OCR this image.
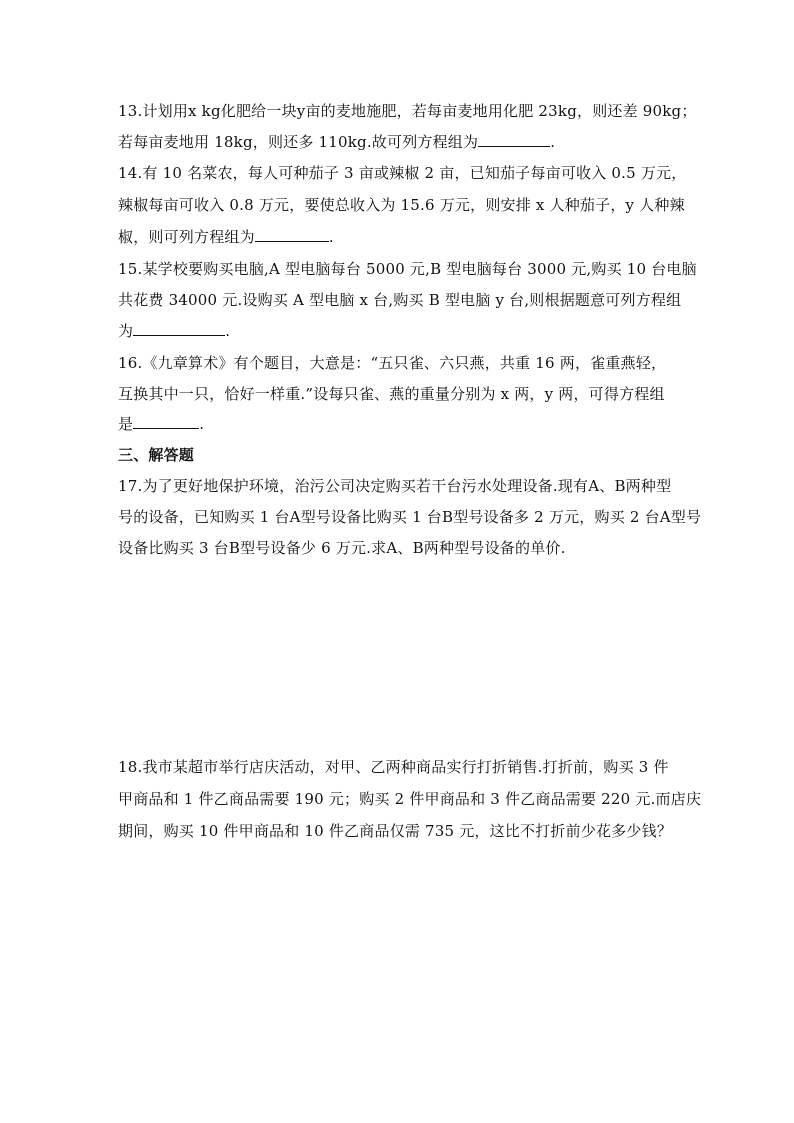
13.计划用x kg化肥给一块y亩的麦地施肥，若每亩麦地用化肥 23kg，则还差 90kg；
若每亩麦地用 18kg，则还多 110kg.故可列方程组为	.
14.有 10 名菜农，每人可种茄子 3 亩或辣椒 2 亩，已知茄子每亩可收入 0.5 万元，
辣椒每亩可收入 0.8 万元，要使总收入为 15.6 万元，则安排 x 人种茄子，y 人种辣
椒，则可列方程组为	.
15.某学校要购买电脑,A 型电脑每台 5000 元,B 型电脑每台 3000 元,购买 10 台电脑
共花费 34000 元.设购买 A 型电脑 x 台,购买 B 型电脑 y 台,则根据题意可列方程组
为	.
16.《九章算术》有个题目，大意是：“五只雀、六只燕，共重 16 两，雀重燕轻，
互换其中一只，恰好一样重.”设每只雀、燕的重量分别为 x 两，y 两，可得方程组
是	.
三、解答题
17.为了更好地保护环境，治污公司决定购买若干台污水处理设备.现有A、B两种型
号的设备，已知购买 1 台A型号设备比购买 1 台B型号设备多 2 万元，购买 2 台A型号
设备比购买 3 台B型号设备少 6 万元.求A、B两种型号设备的单价.
18.我市某超市举行店庆活动，对甲、乙两种商品实行打折销售.打折前，购买 3 件
甲商品和 1 件乙商品需要 190 元；购买 2 件甲商品和 3 件乙商品需要 220 元.而店庆
期间，购买 10 件甲商品和 10 件乙商品仅需 735 元，这比不打折前少花多少钱？
